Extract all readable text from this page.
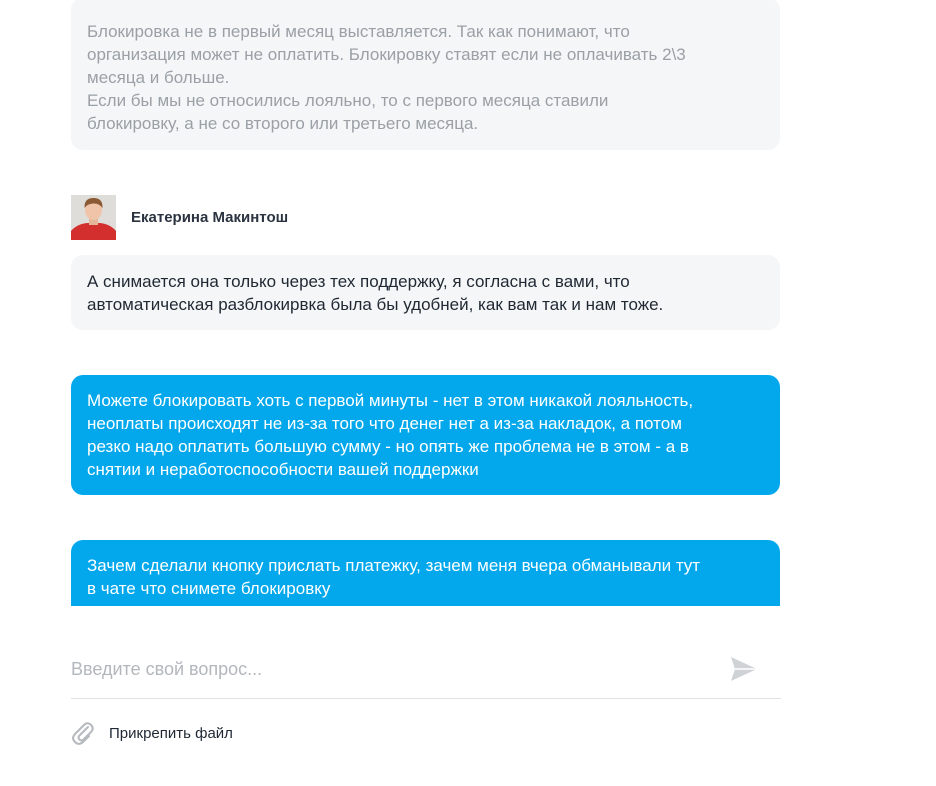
Блокировка не в первый месяц выставляется. Так как понимают, что

организация может не оплатить. Блокировку ставят если не оплачивать 2\3

месяца и больше.

Если бы мы не относились лояльно, то с первого месяца ставили

блокировку, а не со второго или третьего месяца.

Екатерина Макинтош

А снимается она только через тех поддержку, я согласна с вами, что

автоматическая разблокирвка была бы удобней, как вам так и нам тоже.

Можете блокировать хоть с первой минуты - нет в этом никакой лояльность,

неоплаты происходят не из-за того что денег нет а из-за накладок, а потом

резко надо оплатить большую сумму - но опять же проблема не в этом - а в

снятии и неработоспособности вашей поддержки

Зачем сделали кнопку прислать платежку, зачем меня вчера обманывали тут

в чате что снимете блокировку

Введите свой вопрос...
Прикрепить файл
